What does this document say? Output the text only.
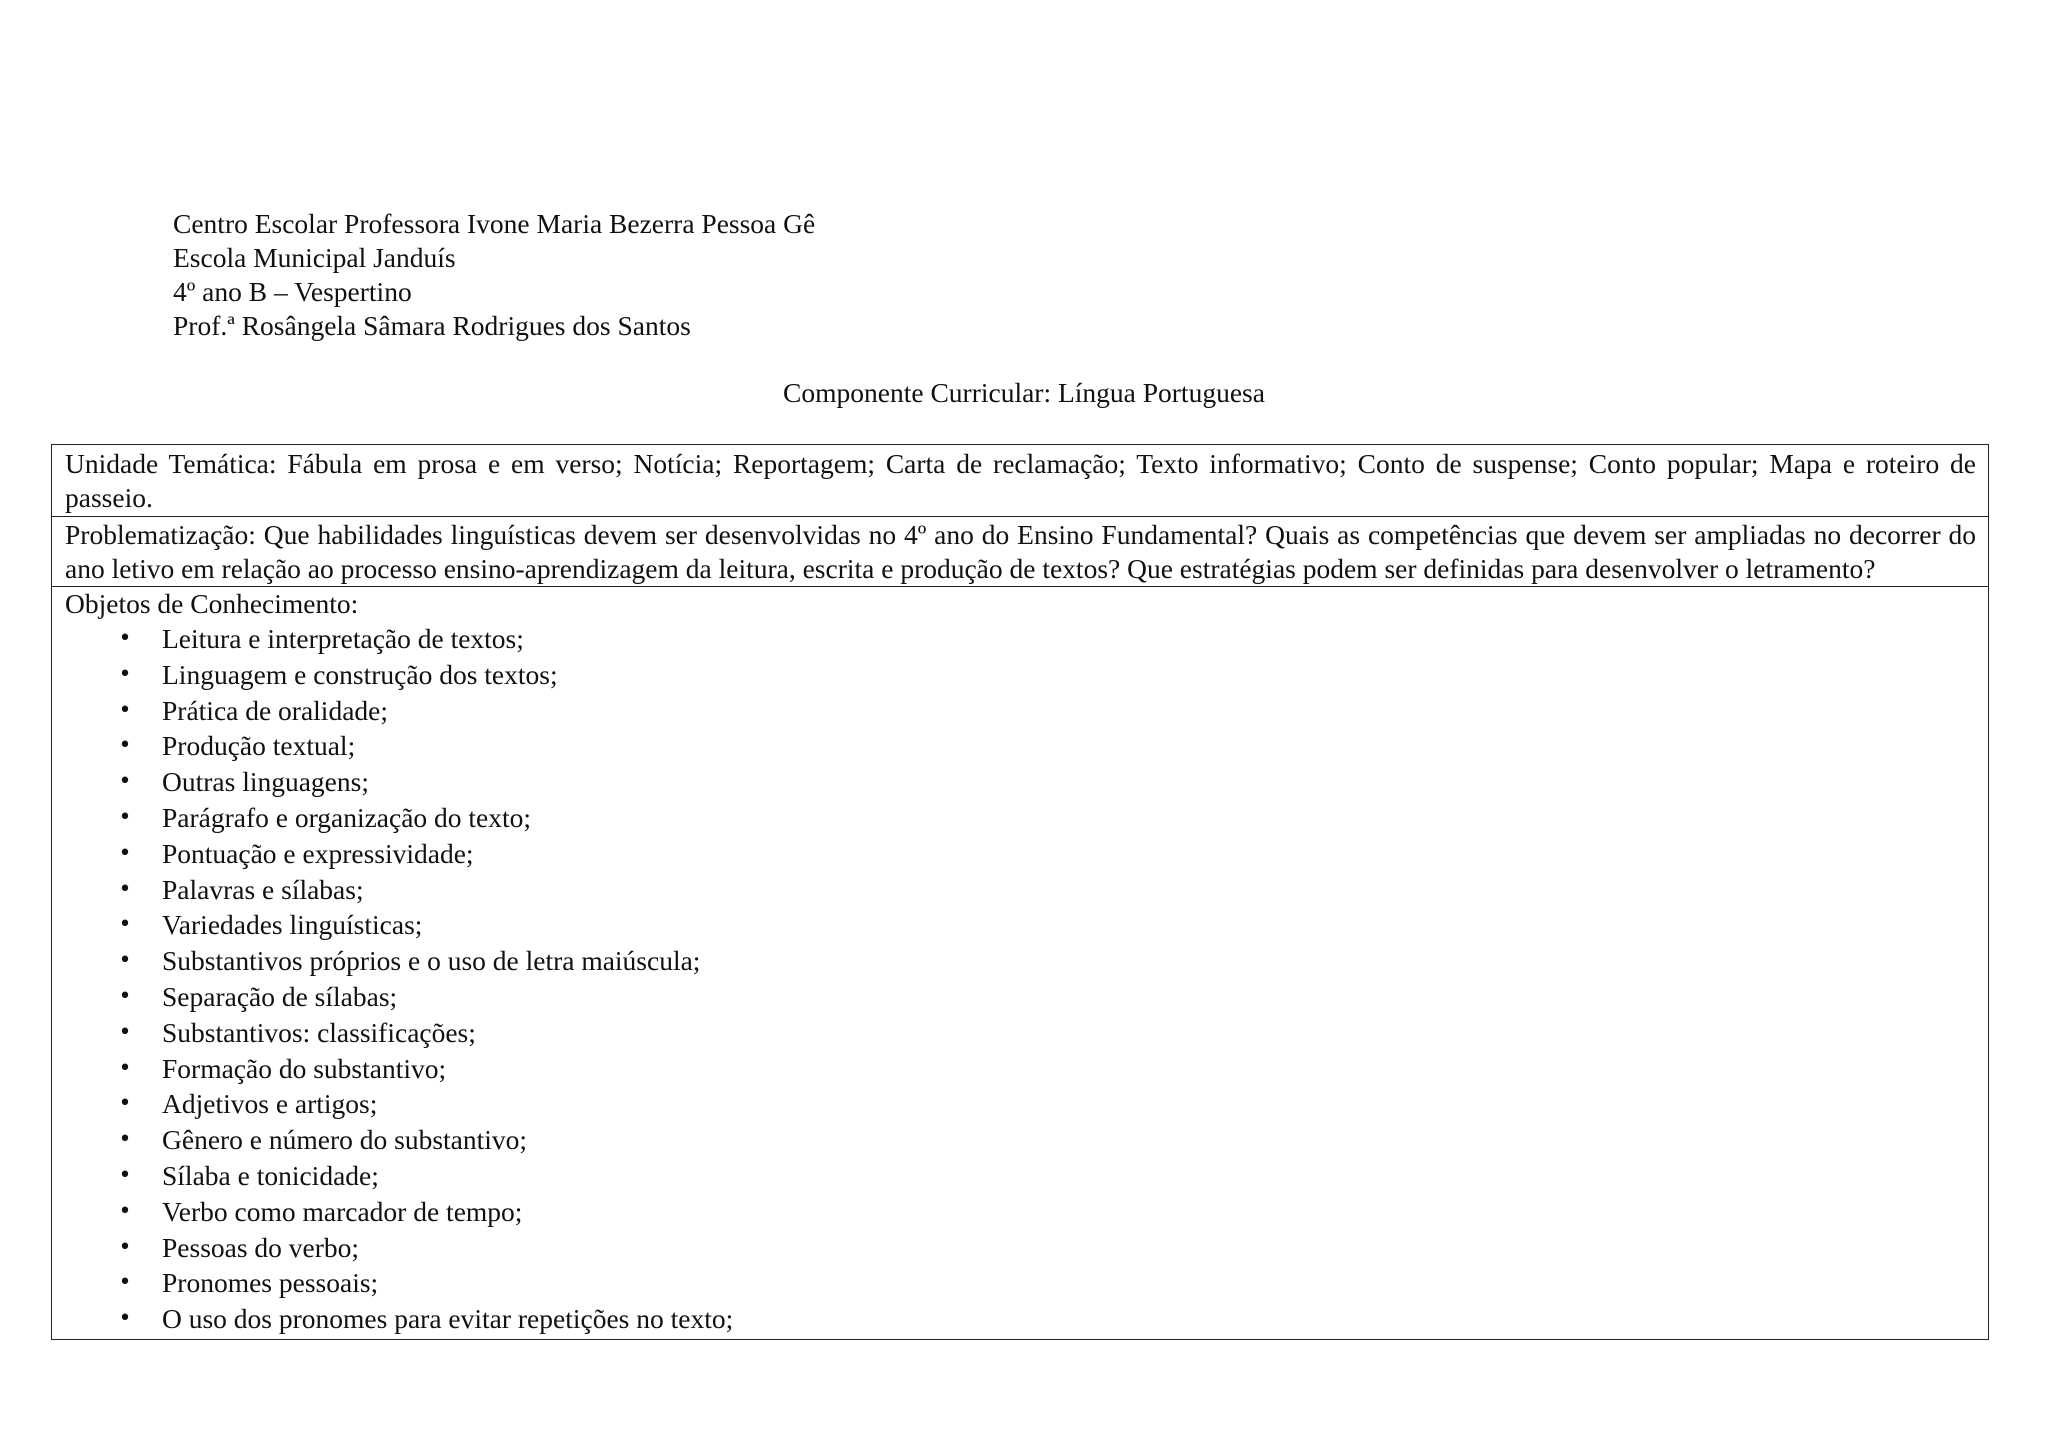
Centro Escolar Professora Ivone Maria Bezerra Pessoa Gê
Escola Municipal Janduís
4º ano B – Vespertino
Prof.ª Rosângela Sâmara Rodrigues dos Santos
Componente Curricular: Língua Portuguesa
Unidade Temática: Fábula em prosa e em verso; Notícia; Reportagem; Carta de reclamação; Texto informativo; Conto de suspense; Conto popular; Mapa e roteiro de passeio.
Problematização: Que habilidades linguísticas devem ser desenvolvidas no 4º ano do Ensino Fundamental? Quais as competências que devem ser ampliadas no decorrer do ano letivo em relação ao processo ensino-aprendizagem da leitura, escrita e produção de textos? Que estratégias podem ser definidas para desenvolver o letramento?
Objetos de Conhecimento:
• Leitura e interpretação de textos;
• Linguagem e construção dos textos;
• Prática de oralidade;
• Produção textual;
• Outras linguagens;
• Parágrafo e organização do texto;
• Pontuação e expressividade;
• Palavras e sílabas;
• Variedades linguísticas;
• Substantivos próprios e o uso de letra maiúscula;
• Separação de sílabas;
• Substantivos: classificações;
• Formação do substantivo;
• Adjetivos e artigos;
• Gênero e número do substantivo;
• Sílaba e tonicidade;
• Verbo como marcador de tempo;
• Pessoas do verbo;
• Pronomes pessoais;
• O uso dos pronomes para evitar repetições no texto;
